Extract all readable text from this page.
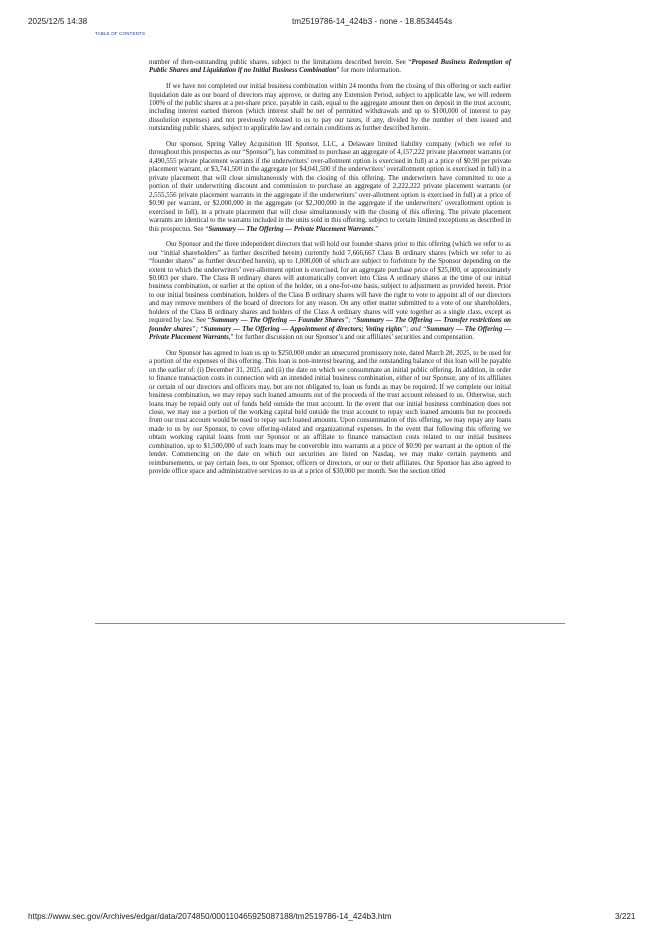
2025/12/5 14:38	tm2519786-14_424b3 - none - 18.8534454s
TABLE OF CONTENTS

number of then-outstanding public shares, subject to the limitations described herein. See “Proposed Business Redemption of Public Shares and Liquidation if no Initial Business Combination” for more information.

If we have not completed our initial business combination within 24 months from the closing of this offering or such earlier liquidation date as our board of directors may approve, or during any Extension Period, subject to applicable law, we will redeem 100% of the public shares at a per-share price, payable in cash, equal to the aggregate amount then on deposit in the trust account, including interest earned thereon (which interest shall be net of permitted withdrawals and up to $100,000 of interest to pay dissolution expenses) and not previously released to us to pay our taxes, if any, divided by the number of then issued and outstanding public shares, subject to applicable law and certain conditions as further described herein.

Our sponsor, Spring Valley Acquisition III Sponsor, LLC, a Delaware limited liability company (which we refer to throughout this prospectus as our “Sponsor”), has committed to purchase an aggregate of 4,157,222 private placement warrants (or 4,490,555 private placement warrants if the underwriters’ over-allotment option is exercised in full) at a price of $0.90 per private placement warrant, or $3,741,500 in the aggregate (or $4,041,500 if the underwriters’ overallotment option is exercised in full) in a private placement that will close simultaneously with the closing of this offering. The underwriters have committed to use a portion of their underwriting discount and commission to purchase an aggregate of 2,222,222 private placement warrants (or 2,555,556 private placement warrants in the aggregate if the underwriters’ over-allotment option is exercised in full) at a price of $0.90 per warrant, or $2,000,000 in the aggregate (or $2,300,000 in the aggregate if the underwriters’ overallotment option is exercised in full), in a private placement that will close simultaneously with the closing of this offering. The private placement warrants are identical to the warrants included in the units sold in this offering, subject to certain limited exceptions as described in this prospectus. See “Summary — The Offering — Private Placement Warrants.”

Our Sponsor and the three independent directors that will hold our founder shares prior to this offering (which we refer to as our “initial shareholders” as further described herein) currently hold 7,666,667 Class B ordinary shares (which we refer to as “founder shares” as further described herein), up to 1,000,000 of which are subject to forfeiture by the Sponsor depending on the extent to which the underwriters’ over-allotment option is exercised, for an aggregate purchase price of $25,000, or approximately $0.003 per share. The Class B ordinary shares will automatically convert into Class A ordinary shares at the time of our initial business combination, or earlier at the option of the holder, on a one-for-one basis, subject to adjustment as provided herein. Prior to our initial business combination, holders of the Class B ordinary shares will have the right to vote to appoint all of our directors and may remove members of the board of directors for any reason. On any other matter submitted to a vote of our shareholders, holders of the Class B ordinary shares and holders of the Class A ordinary shares will vote together as a single class, except as required by law. See “Summary — The Offering — Founder Shares”; “Summary — The Offering — Transfer restrictions on founder shares”; “Summary — The Offering — Appointment of directors; Voting rights”; and “Summary — The Offering — Private Placement Warrants,” for further discussion on our Sponsor’s and our affiliates’ securities and compensation.

Our Sponsor has agreed to loan us up to $250,000 under an unsecured promissory note, dated March 28, 2025, to be used for a portion of the expenses of this offering. This loan is non-interest bearing, and the outstanding balance of this loan will be payable on the earlier of: (i) December 31, 2025, and (ii) the date on which we consummate an initial public offering. In addition, in order to finance transaction costs in connection with an intended initial business combination, either of our Sponsor, any of its affiliates or certain of our directors and officers may, but are not obligated to, loan us funds as may be required. If we complete our initial business combination, we may repay such loaned amounts out of the proceeds of the trust account released to us. Otherwise, such loans may be repaid only out of funds held outside the trust account. In the event that our initial business combination does not close, we may use a portion of the working capital held outside the trust account to repay such loaned amounts but no proceeds from our trust account would be used to repay such loaned amounts. Upon consummation of this offering, we may repay any loans made to us by our Sponsor, to cover offering-related and organizational expenses. In the event that following this offering we obtain working capital loans from our Sponsor or an affiliate to finance transaction costs related to our initial business combination, up to $1,500,000 of such loans may be convertible into warrants at a price of $0.90 per warrant at the option of the lender. Commencing on the date on which our securities are listed on Nasdaq, we may make certain payments and reimbursements, or pay certain fees, to our Sponsor, officers or directors, or our or their affiliates. Our Sponsor has also agreed to provide office space and administrative services to us at a price of $30,000 per month. See the section titled

https://www.sec.gov/Archives/edgar/data/2074850/000110465925087188/tm2519786-14_424b3.htm	3/221
